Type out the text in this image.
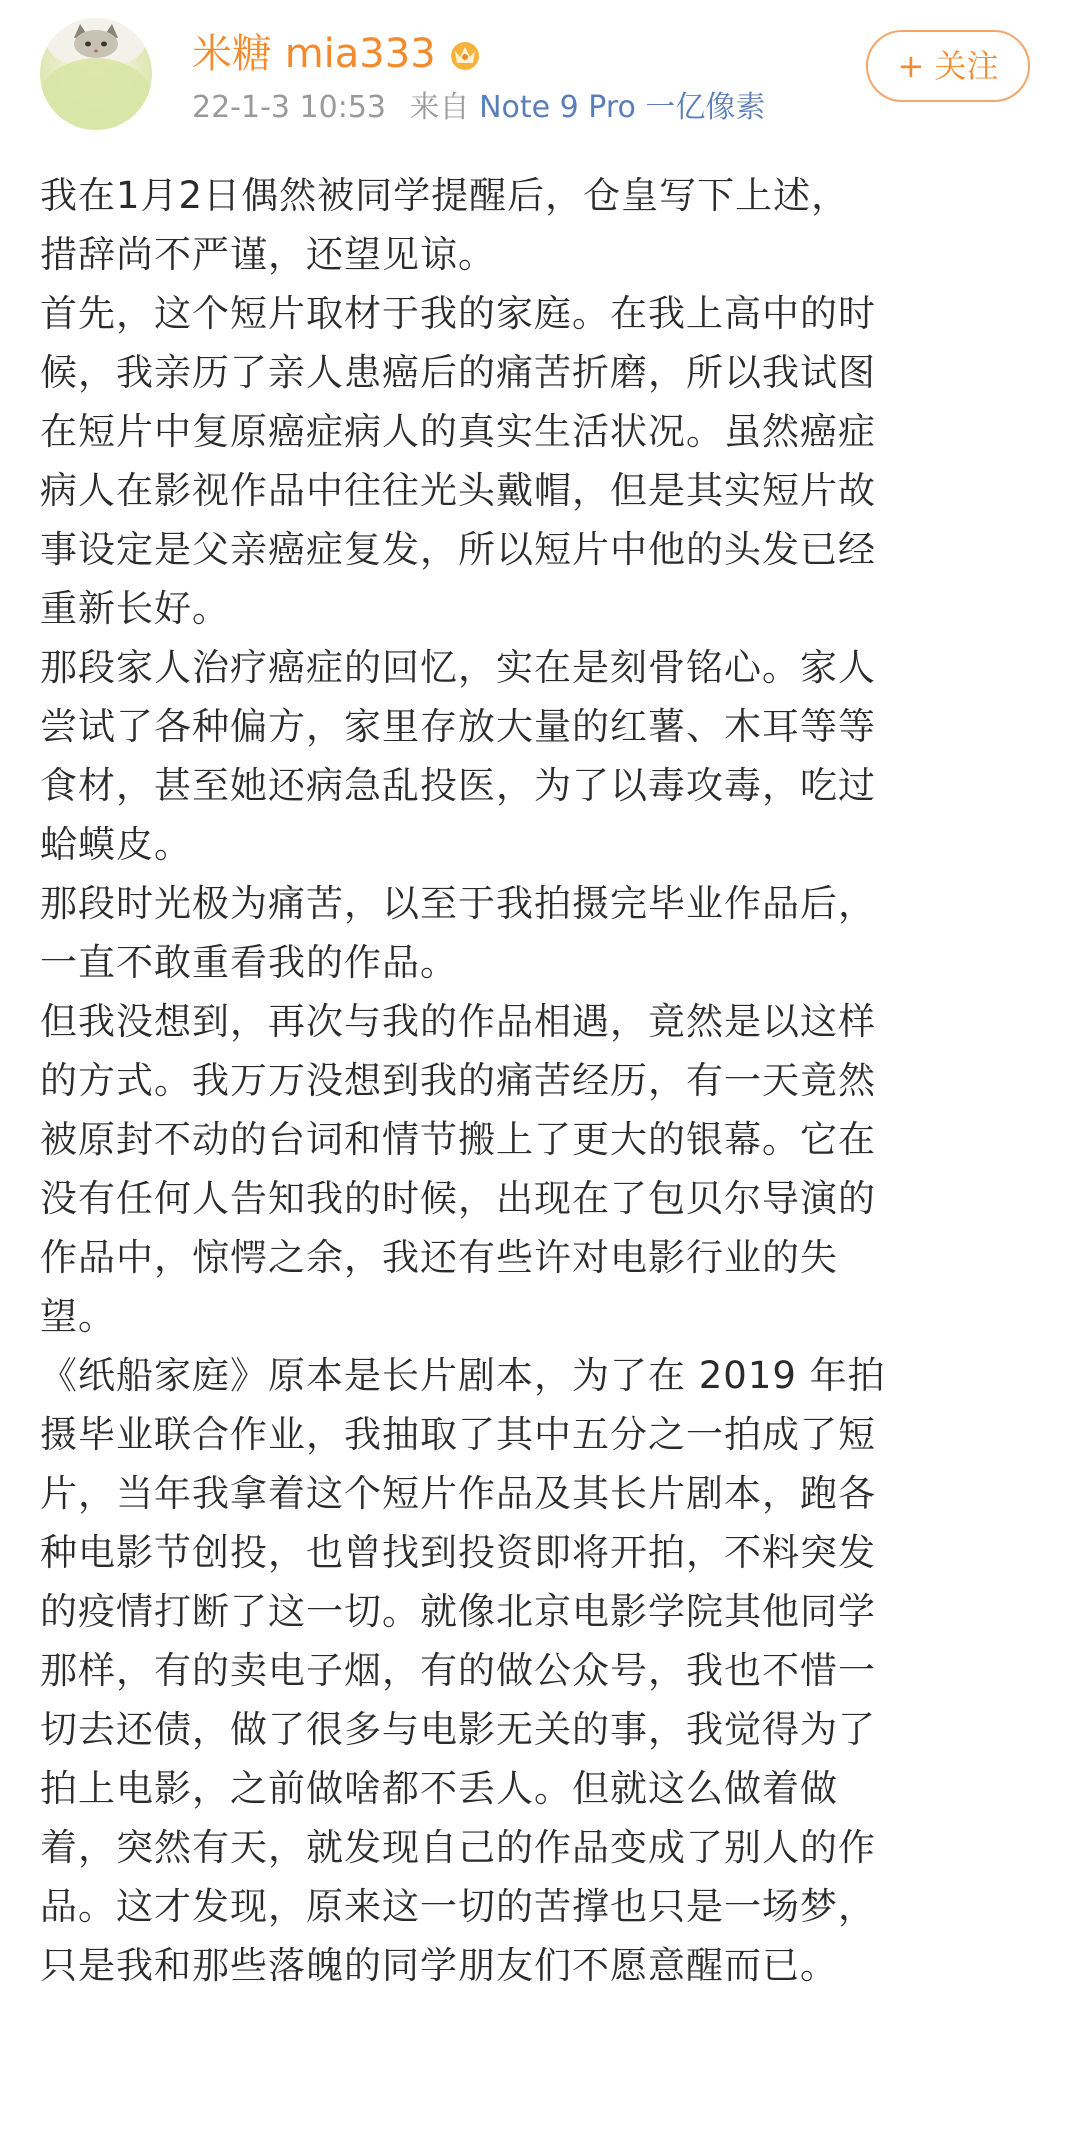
米糖 mia333
22-1-3 10:53 来自 Note 9 Pro 一亿像素
+ 关注

我在1月2日偶然被同学提醒后，仓皇写下上述，
措辞尚不严谨，还望见谅。

首先，这个短片取材于我的家庭。在我上高中的时
候，我亲历了亲人患癌后的痛苦折磨，所以我试图
在短片中复原癌症病人的真实生活状况。虽然癌症
病人在影视作品中往往光头戴帽，但是其实短片故
事设定是父亲癌症复发，所以短片中他的头发已经
重新长好。

那段家人治疗癌症的回忆，实在是刻骨铭心。家人
尝试了各种偏方，家里存放大量的红薯、木耳等等
食材，甚至她还病急乱投医，为了以毒攻毒，吃过
蛤蟆皮。

那段时光极为痛苦，以至于我拍摄完毕业作品后，
一直不敢重看我的作品。

但我没想到，再次与我的作品相遇，竟然是以这样
的方式。我万万没想到我的痛苦经历，有一天竟然
被原封不动的台词和情节搬上了更大的银幕。它在
没有任何人告知我的时候，出现在了包贝尔导演的
作品中，惊愕之余，我还有些许对电影行业的失
望。

《纸船家庭》原本是长片剧本，为了在 2019 年拍
摄毕业联合作业，我抽取了其中五分之一拍成了短
片，当年我拿着这个短片作品及其长片剧本，跑各
种电影节创投，也曾找到投资即将开拍，不料突发
的疫情打断了这一切。就像北京电影学院其他同学
那样，有的卖电子烟，有的做公众号，我也不惜一
切去还债，做了很多与电影无关的事，我觉得为了
拍上电影，之前做啥都不丢人。但就这么做着做
着，突然有天，就发现自己的作品变成了别人的作
品。这才发现，原来这一切的苦撑也只是一场梦，
只是我和那些落魄的同学朋友们不愿意醒而已。
